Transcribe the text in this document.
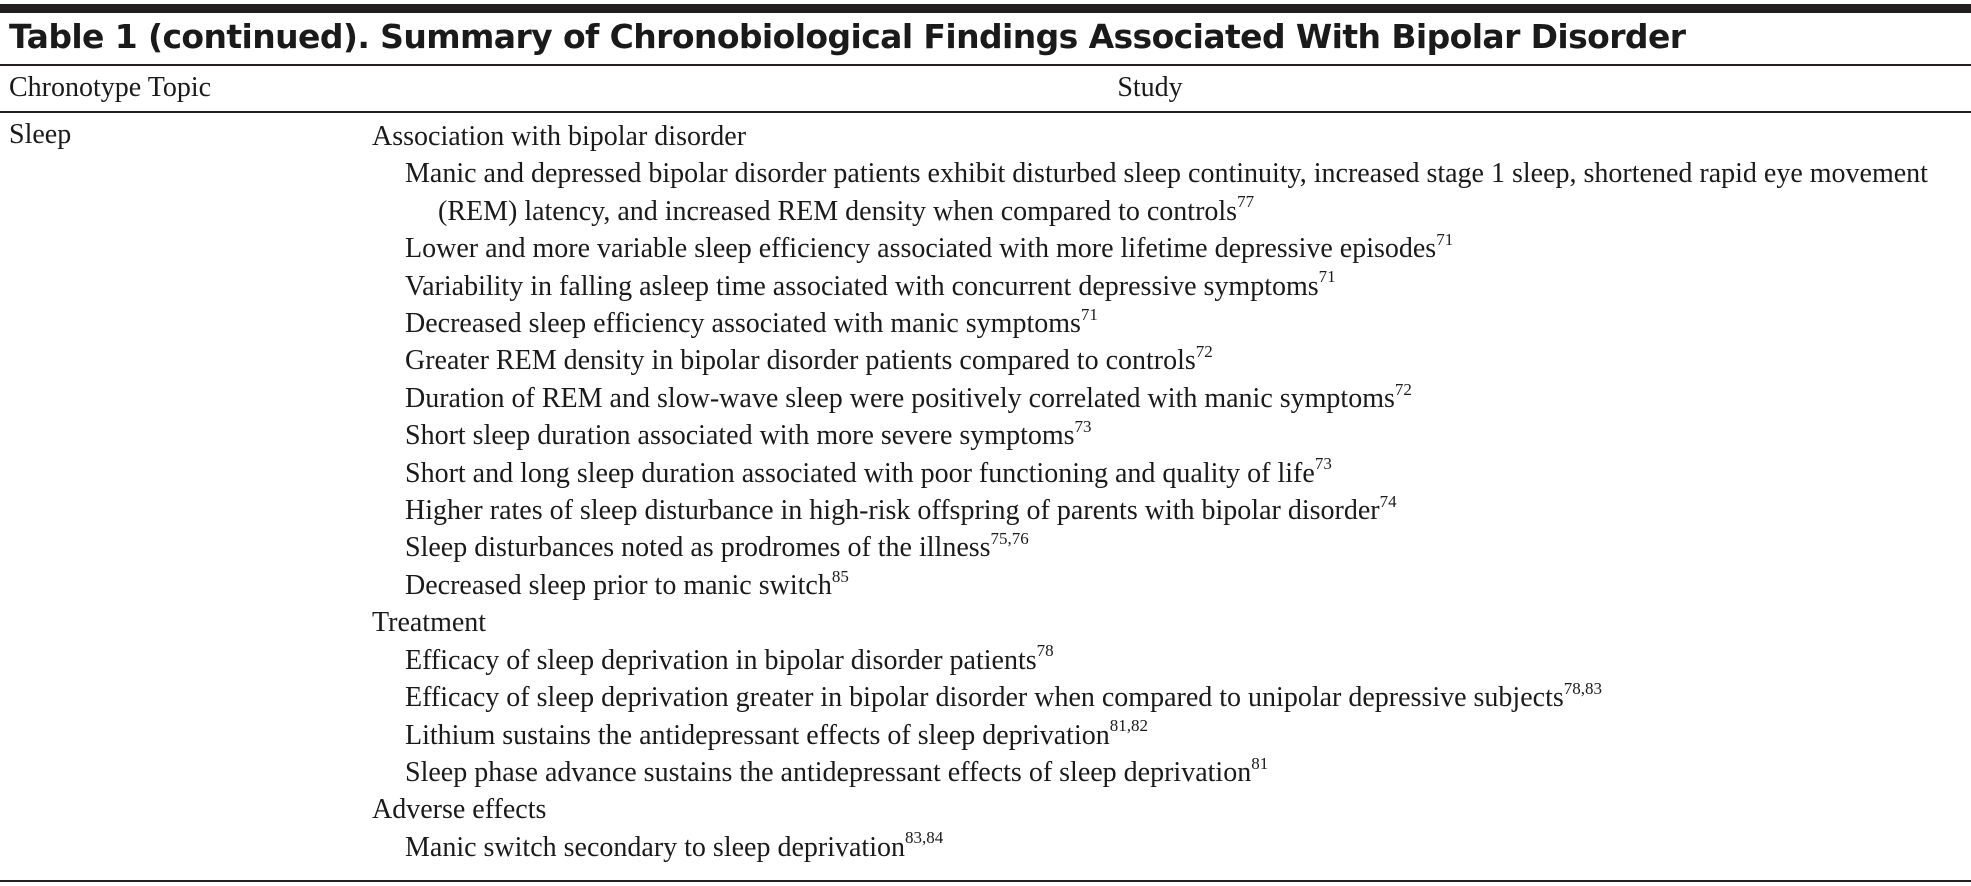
Table 1 (continued). Summary of Chronobiological Findings Associated With Bipolar Disorder
Chronotype Topic	Study
Sleep	Association with bipolar disorder
Manic and depressed bipolar disorder patients exhibit disturbed sleep continuity, increased stage 1 sleep, shortened rapid eye movement (REM) latency, and increased REM density when compared to controls$^{77}$
Lower and more variable sleep efficiency associated with more lifetime depressive episodes$^{71}$
Variability in falling asleep time associated with concurrent depressive symptoms$^{71}$
Decreased sleep efficiency associated with manic symptoms$^{71}$
Greater REM density in bipolar disorder patients compared to controls$^{72}$
Duration of REM and slow-wave sleep were positively correlated with manic symptoms$^{72}$
Short sleep duration associated with more severe symptoms$^{73}$
Short and long sleep duration associated with poor functioning and quality of life$^{73}$
Higher rates of sleep disturbance in high-risk offspring of parents with bipolar disorder$^{74}$
Sleep disturbances noted as prodromes of the illness$^{75,76}$
Decreased sleep prior to manic switch$^{85}$
Treatment
Efficacy of sleep deprivation in bipolar disorder patients$^{78}$
Efficacy of sleep deprivation greater in bipolar disorder when compared to unipolar depressive subjects$^{78,83}$
Lithium sustains the antidepressant effects of sleep deprivation$^{81,82}$
Sleep phase advance sustains the antidepressant effects of sleep deprivation$^{81}$
Adverse effects
Manic switch secondary to sleep deprivation$^{83,84}$
